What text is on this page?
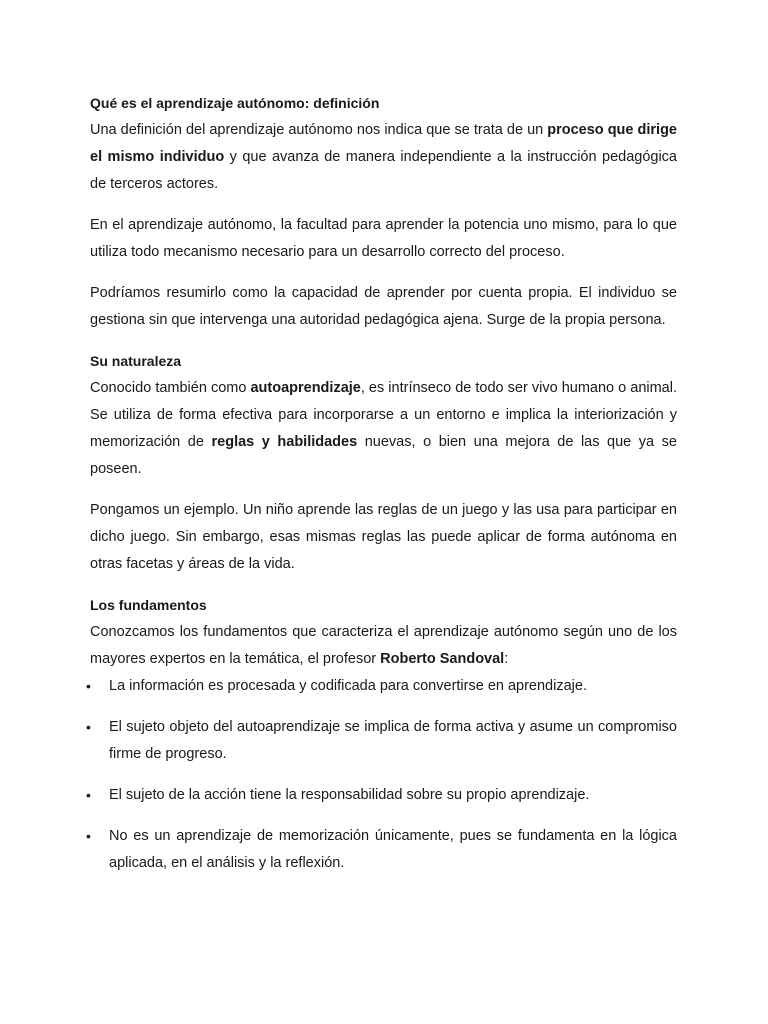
Qué es el aprendizaje autónomo: definición

Una definición del aprendizaje autónomo nos indica que se trata de un proceso que dirige el mismo individuo y que avanza de manera independiente a la instrucción pedagógica de terceros actores.

En el aprendizaje autónomo, la facultad para aprender la potencia uno mismo, para lo que utiliza todo mecanismo necesario para un desarrollo correcto del proceso.

Podríamos resumirlo como la capacidad de aprender por cuenta propia. El individuo se gestiona sin que intervenga una autoridad pedagógica ajena. Surge de la propia persona.

Su naturaleza

Conocido también como autoaprendizaje, es intrínseco de todo ser vivo humano o animal. Se utiliza de forma efectiva para incorporarse a un entorno e implica la interiorización y memorización de reglas y habilidades nuevas, o bien una mejora de las que ya se poseen.

Pongamos un ejemplo. Un niño aprende las reglas de un juego y las usa para participar en dicho juego. Sin embargo, esas mismas reglas las puede aplicar de forma autónoma en otras facetas y áreas de la vida.

Los fundamentos

Conozcamos los fundamentos que caracteriza el aprendizaje autónomo según uno de los mayores expertos en la temática, el profesor Roberto Sandoval:

• La información es procesada y codificada para convertirse en aprendizaje.
• El sujeto objeto del autoaprendizaje se implica de forma activa y asume un compromiso firme de progreso.
• El sujeto de la acción tiene la responsabilidad sobre su propio aprendizaje.
• No es un aprendizaje de memorización únicamente, pues se fundamenta en la lógica aplicada, en el análisis y la reflexión.
